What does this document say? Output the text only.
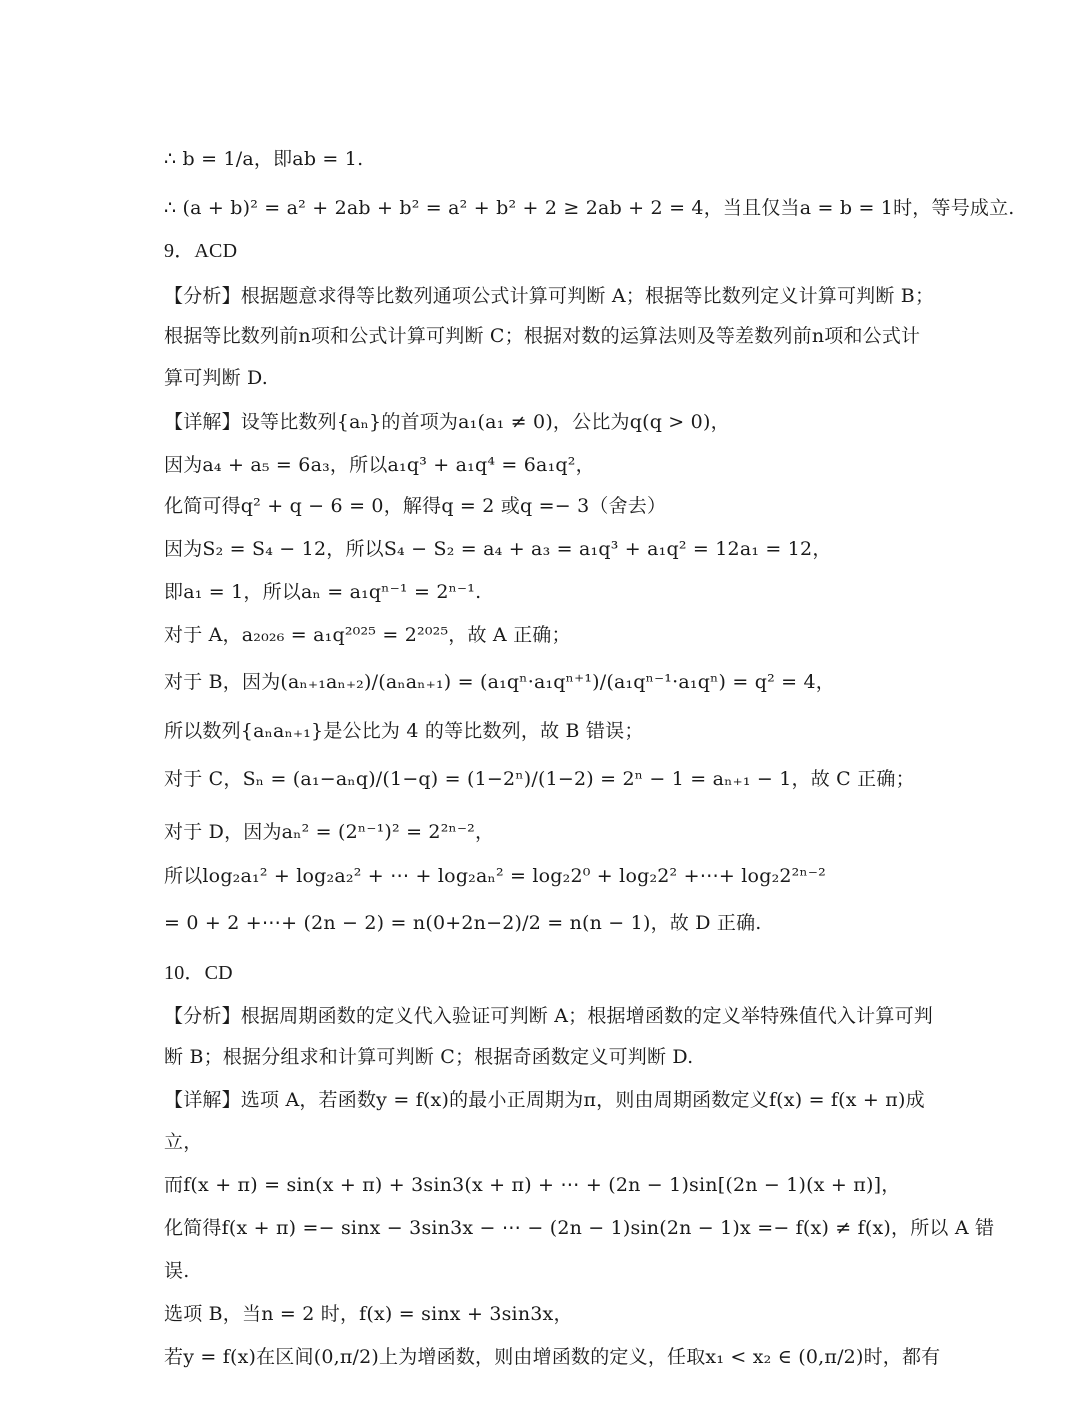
∴ b = 1/a，即ab = 1.
∴ (a + b)² = a² + 2ab + b² = a² + b² + 2 ≥ 2ab + 2 = 4，当且仅当a = b = 1时，等号成立.
9．ACD
【分析】根据题意求得等比数列通项公式计算可判断 A；根据等比数列定义计算可判断 B；
根据等比数列前n项和公式计算可判断 C；根据对数的运算法则及等差数列前n项和公式计
算可判断 D.
【详解】设等比数列{aₙ}的首项为a₁(a₁ ≠ 0)，公比为q(q > 0)，
因为a₄ + a₅ = 6a₃，所以a₁q³ + a₁q⁴ = 6a₁q²，
化简可得q² + q − 6 = 0，解得q = 2 或q =− 3（舍去）
因为S₂ = S₄ − 12，所以S₄ − S₂ = a₄ + a₃ = a₁q³ + a₁q² = 12a₁ = 12，
即a₁ = 1，所以aₙ = a₁qⁿ⁻¹ = 2ⁿ⁻¹.
对于 A，a₂₀₂₆ = a₁q²⁰²⁵ = 2²⁰²⁵，故 A 正确；
对于 B，因为(aₙ₊₁aₙ₊₂)/(aₙaₙ₊₁) = (a₁qⁿ·a₁qⁿ⁺¹)/(a₁qⁿ⁻¹·a₁qⁿ) = q² = 4，
所以数列{aₙaₙ₊₁}是公比为 4 的等比数列，故 B 错误；
对于 C，Sₙ = (a₁−aₙq)/(1−q) = (1−2ⁿ)/(1−2) = 2ⁿ − 1 = aₙ₊₁ − 1，故 C 正确；
对于 D，因为aₙ² = (2ⁿ⁻¹)² = 2²ⁿ⁻²，
所以log₂a₁² + log₂a₂² + ⋯ + log₂aₙ² = log₂2⁰ + log₂2² +⋯+ log₂2²ⁿ⁻²
= 0 + 2 +⋯+ (2n − 2) = n(0+2n−2)/2 = n(n − 1)，故 D 正确.
10．CD
【分析】根据周期函数的定义代入验证可判断 A；根据增函数的定义举特殊值代入计算可判
断 B；根据分组求和计算可判断 C；根据奇函数定义可判断 D.
【详解】选项 A，若函数y = f(x)的最小正周期为π，则由周期函数定义f(x) = f(x + π)成
立，
而f(x + π) = sin(x + π) + 3sin3(x + π) + ⋯ + (2n − 1)sin[(2n − 1)(x + π)]，
化简得f(x + π) =− sinx − 3sin3x − ⋯ − (2n − 1)sin(2n − 1)x =− f(x) ≠ f(x)，所以 A 错
误.
选项 B，当n = 2 时，f(x) = sinx + 3sin3x，
若y = f(x)在区间(0,π/2)上为增函数，则由增函数的定义，任取x₁ < x₂ ∈ (0,π/2)时，都有
